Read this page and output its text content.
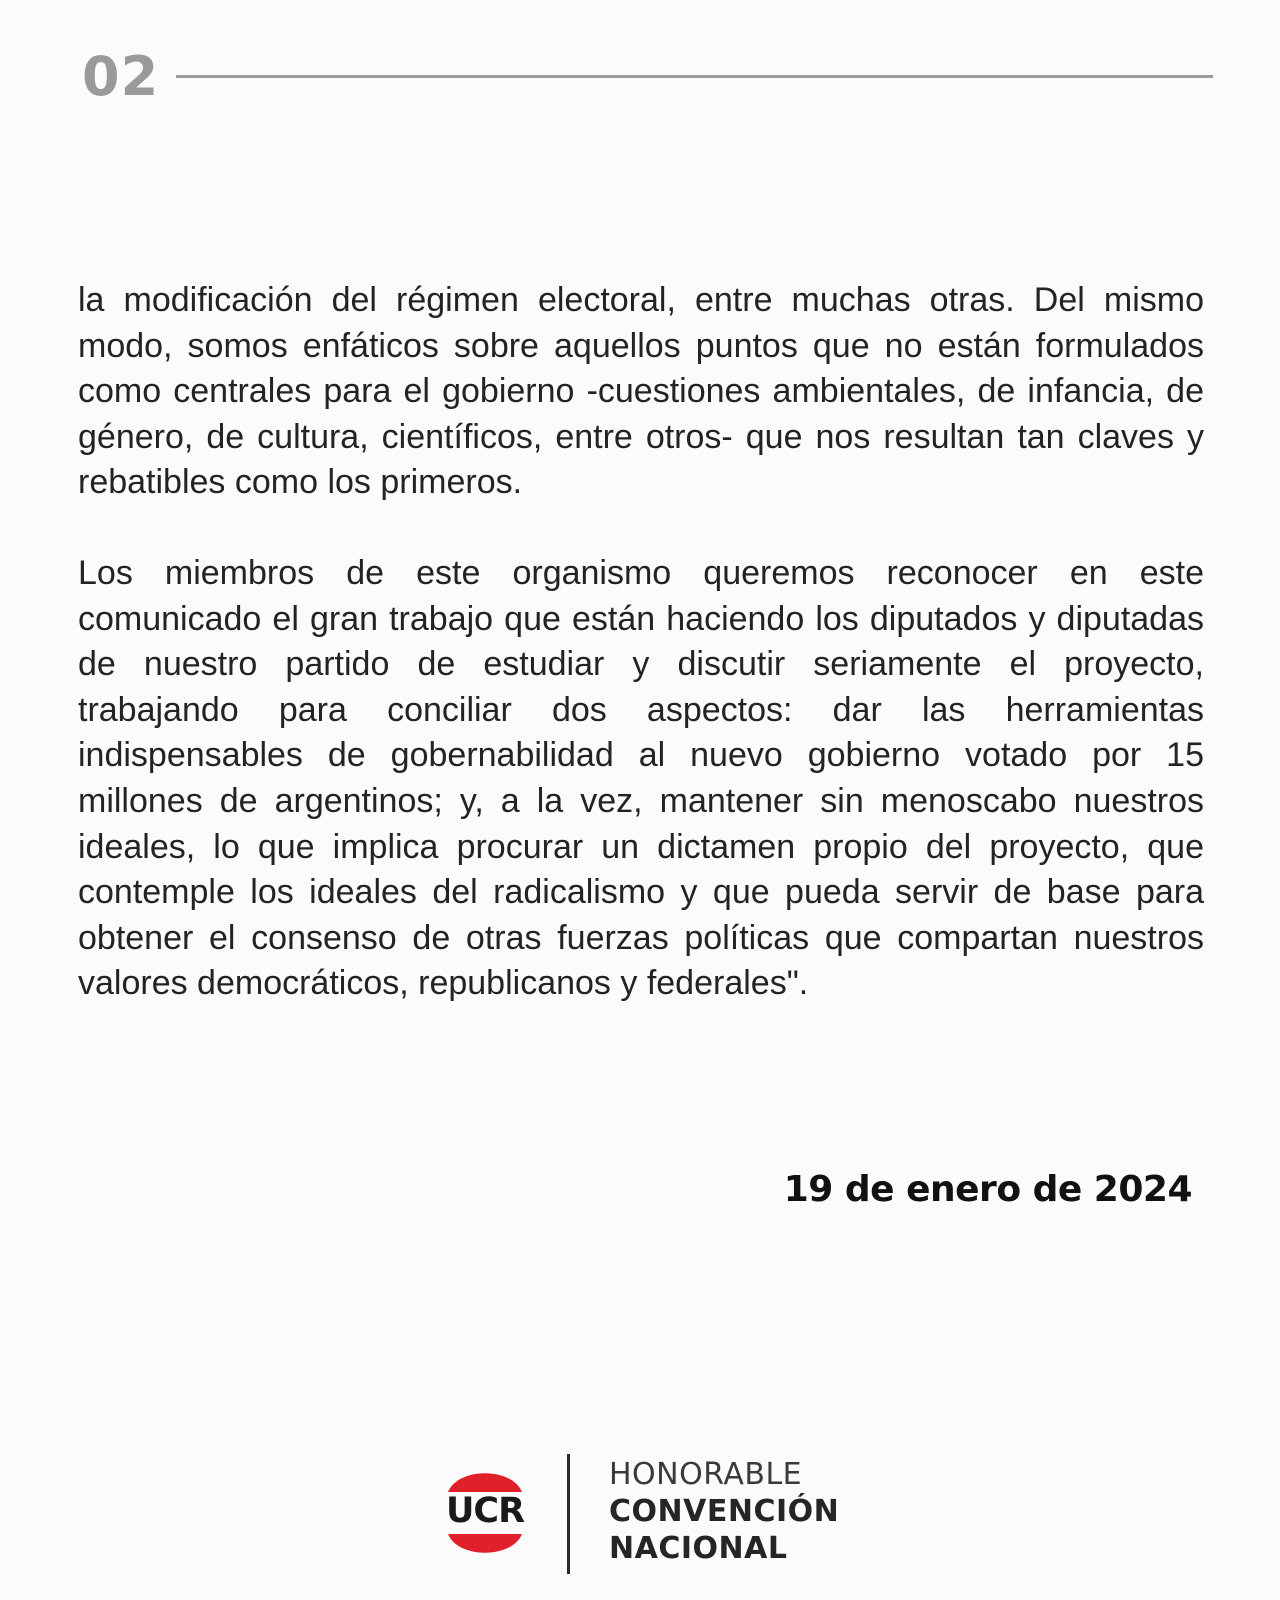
02

la modificación del régimen electoral, entre muchas otras. Del mismo modo, somos enfáticos sobre aquellos puntos que no están formulados como centrales para el gobierno -cuestiones ambientales, de infancia, de género, de cultura, científicos, entre otros- que nos resultan tan claves y rebatibles como los primeros.

Los miembros de este organismo queremos reconocer en este comunicado el gran trabajo que están haciendo los diputados y diputadas de nuestro partido de estudiar y discutir seriamente el proyecto, trabajando para conciliar dos aspectos: dar las herramientas indispensables de gobernabilidad al nuevo gobierno votado por 15 millones de argentinos; y, a la vez, mantener sin menoscabo nuestros ideales, lo que implica procurar un dictamen propio del proyecto, que contemple los ideales del radicalismo y que pueda servir de base para obtener el consenso de otras fuerzas políticas que compartan nuestros valores democráticos, republicanos y federales".

19 de enero de 2024
UCR
HONORABLE
CONVENCIÓN
NACIONAL
